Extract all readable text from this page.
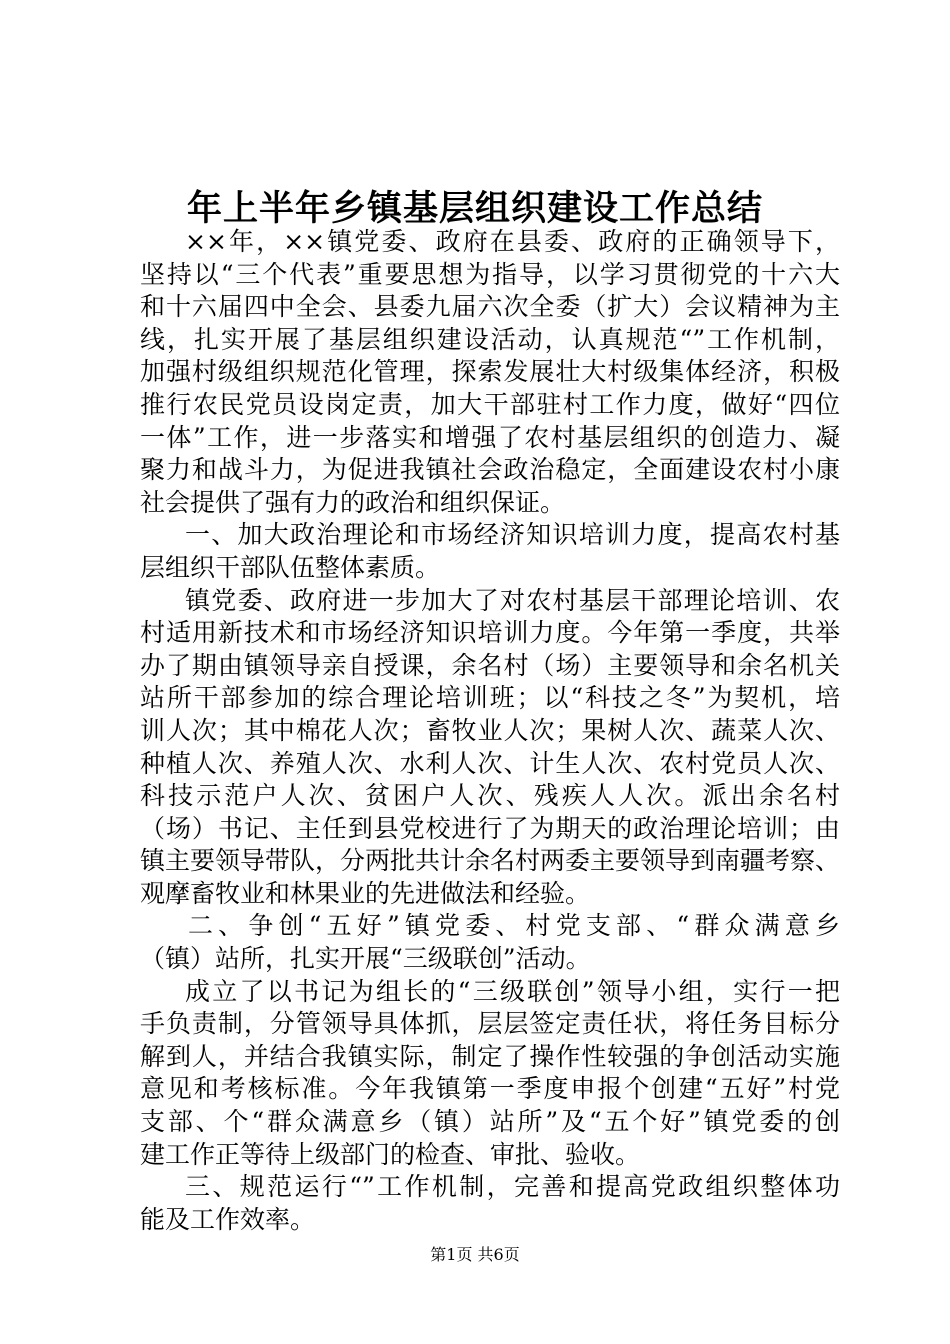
年上半年乡镇基层组织建设工作总结
××年，××镇党委、政府在县委、政府的正确领导下，
坚持以“三个代表”重要思想为指导，以学习贯彻党的十六大
和十六届四中全会、县委九届六次全委（扩大）会议精神为主
线，扎实开展了基层组织建设活动，认真规范“”工作机制，
加强村级组织规范化管理，探索发展壮大村级集体经济，积极
推行农民党员设岗定责，加大干部驻村工作力度，做好“四位
一体”工作，进一步落实和增强了农村基层组织的创造力、凝
聚力和战斗力，为促进我镇社会政治稳定，全面建设农村小康
社会提供了强有力的政治和组织保证。
一、加大政治理论和市场经济知识培训力度，提高农村基
层组织干部队伍整体素质。
镇党委、政府进一步加大了对农村基层干部理论培训、农
村适用新技术和市场经济知识培训力度。今年第一季度，共举
办了期由镇领导亲自授课，余名村（场）主要领导和余名机关
站所干部参加的综合理论培训班；以“科技之冬”为契机，培
训人次；其中棉花人次；畜牧业人次；果树人次、蔬菜人次、
种植人次、养殖人次、水利人次、计生人次、农村党员人次、
科技示范户人次、贫困户人次、残疾人人次。派出余名村
（场）书记、主任到县党校进行了为期天的政治理论培训；由
镇主要领导带队，分两批共计余名村两委主要领导到南疆考察、
观摩畜牧业和林果业的先进做法和经验。
二、争创“五好”镇党委、村党支部、“群众满意乡
（镇）站所，扎实开展“三级联创”活动。
成立了以书记为组长的“三级联创”领导小组，实行一把
手负责制，分管领导具体抓，层层签定责任状，将任务目标分
解到人，并结合我镇实际，制定了操作性较强的争创活动实施
意见和考核标准。今年我镇第一季度申报个创建“五好”村党
支部、个“群众满意乡（镇）站所”及“五个好”镇党委的创
建工作正等待上级部门的检查、审批、验收。
三、规范运行“”工作机制，完善和提高党政组织整体功
能及工作效率。
第1页 共6页
